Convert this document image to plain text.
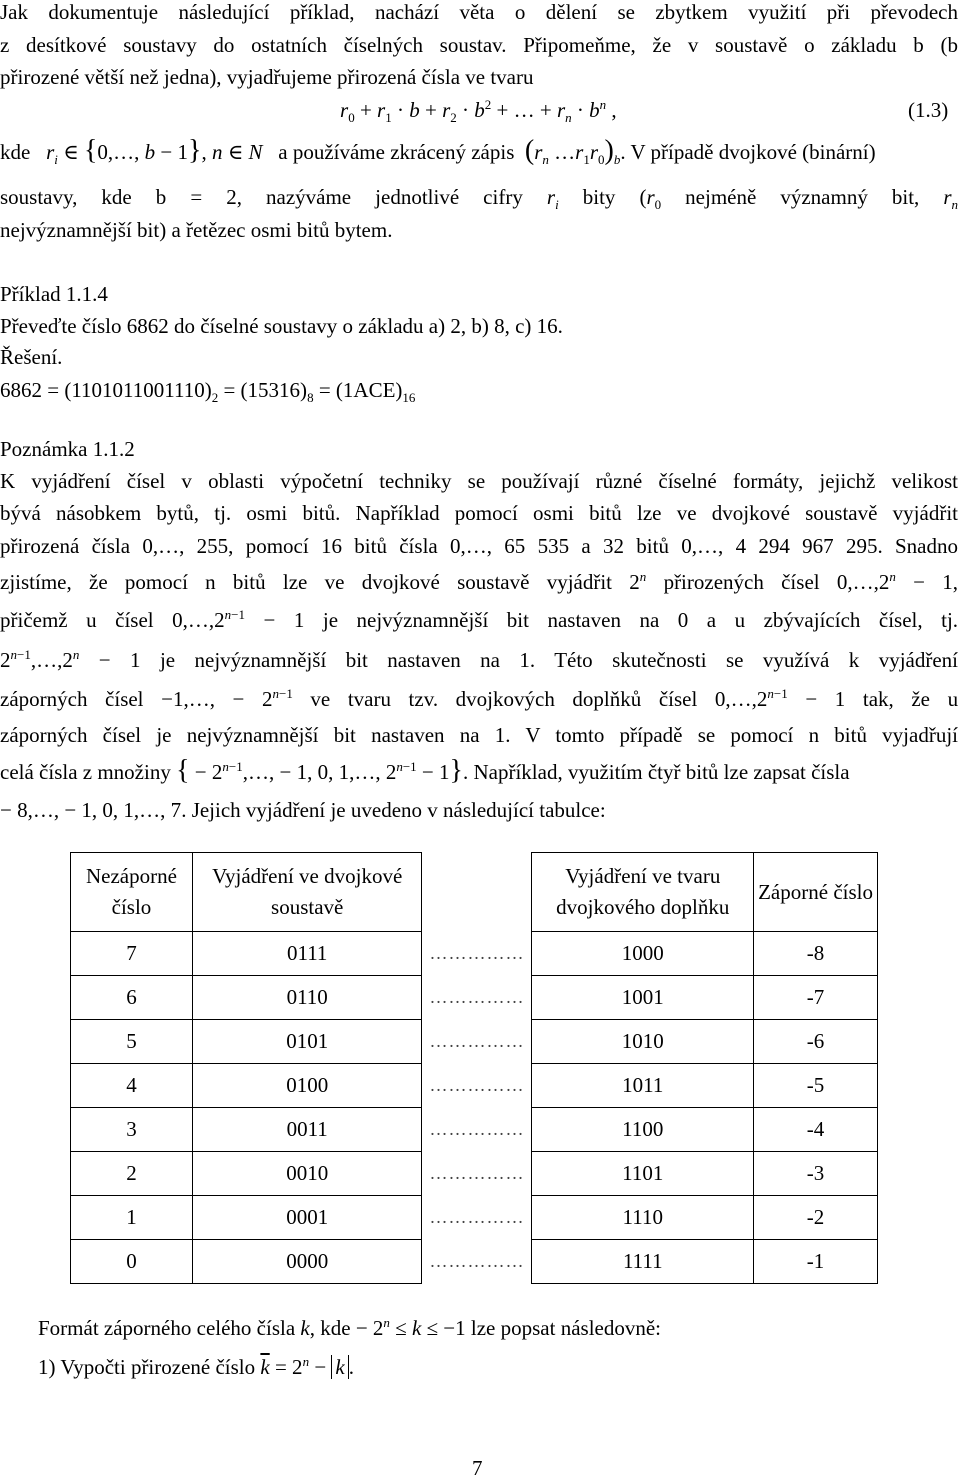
Jak dokumentuje následující příklad, nachází věta o dělení se zbytkem využití při převodech
z desítkové soustavy do ostatních číselných soustav. Připomeňme, že v soustavě o základu b (b
přirozené větší než jedna), vyjadřujeme přirozená čísla ve tvaru
$r_0 + r_1 \cdot b + r_2 \cdot b^2$ + … + $r_n \cdot b^n$ ,	(1.3)
kde $r_i$ ∈ {0,…, b − 1}, n ∈ N a používáme zkrácený zápis ($r_n$ $\dots r_1r_0)_b$. V případě dvojkové (binární)
soustavy, kde b = 2, nazýváme jednotlivé cifry $r_i$ bity ($r_0$ nejméně významný bit, $r_n$
nejvýznamnější bit) a řetězec osmi bitů bytem.
Příklad 1.1.4
Převeďte číslo 6862 do číselné soustavy o základu a) 2, b) 8, c) 16.
Řešení.
$6862 = (1101011001110)_2 = (15316)_8 = (1ACE)_{16}$
Poznámka 1.1.2
K vyjádření čísel v oblasti výpočetní techniky se používají různé číselné formáty, jejichž velikost
bývá násobkem bytů, tj. osmi bitů. Například pomocí osmi bitů lze ve dvojkové soustavě vyjádřit
přirozená čísla 0,…, 255, pomocí 16 bitů čísla 0,…, 65 535 a 32 bitů 0,…, 4 294 967 295. Snadno
zjistíme, že pomocí n bitů lze ve dvojkové soustavě vyjádřit 2$^n$ přirozených čísel $0,\dots,2^n - 1$,
přičemž u čísel $0,\dots,2^{n-1} - 1$ je nejvýznamnější bit nastaven na 0 a u zbývajících čísel, tj.
$2^{n-1},\dots,2^n - 1$ je nejvýznamnější bit nastaven na 1. Této skutečnosti se využívá k vyjádření
záporných čísel −1,…, − $2^{n-1}$ ve tvaru tzv. dvojkových doplňků čísel $0,\dots,2^{n-1} - 1$ tak, že u
záporných čísel je nejvýznamnější bit nastaven na 1. V tomto případě se pomocí n bitů vyjadřují
celá čísla z množiny { − $2^{n-1},\dots$, − 1, 0, 1,…, $2^{n-1} - 1$}. Například, využitím čtyř bitů lze zapsat čísla
− 8,…, − 1, 0, 1,…, 7. Jejich vyjádření je uvedeno v následující tabulce:
Nezáporné číslo	Vyjádření ve dvojkové soustavě		Vyjádření ve tvaru dvojkového doplňku	Záporné číslo
7	0111	……………	1000	-8
6	0110	……………	1001	-7
5	0101	……………	1010	-6
4	0100	……………	1011	-5
3	0011	……………	1100	-4
2	0010	……………	1101	-3
1	0001	……………	1110	-2
0	0000	……………	1111	-1
Formát záporného celého čísla k, kde − $2^n \le k \le -1$ lze popsat následovně:
1) Vypočti přirozené číslo $\overline{k} = 2^n - k$ .
7
